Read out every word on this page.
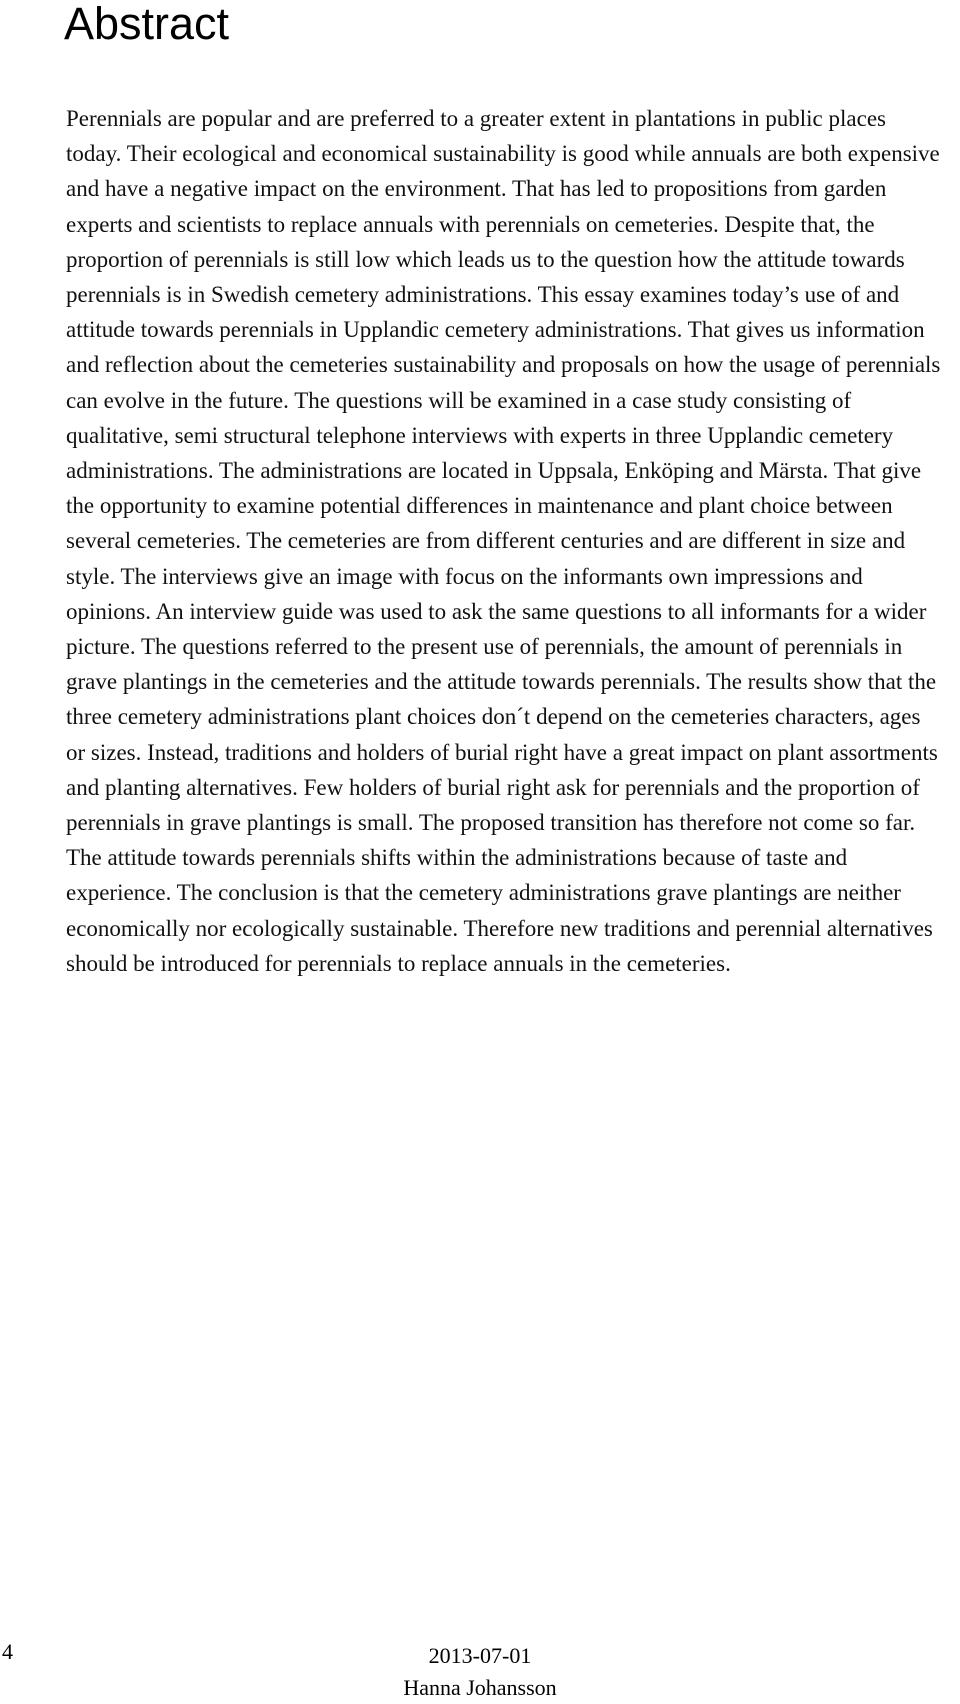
Abstract

Perennials are popular and are preferred to a greater extent in plantations in public places today. Their ecological and economical sustainability is good while annuals are both expensive and have a negative impact on the environment. That has led to propositions from garden experts and scientists to replace annuals with perennials on cemeteries. Despite that, the proportion of perennials is still low which leads us to the question how the attitude towards perennials is in Swedish cemetery administrations. This essay examines today’s use of and attitude towards perennials in Upplandic cemetery administrations. That gives us information and reflection about the cemeteries sustainability and proposals on how the usage of perennials can evolve in the future. The questions will be examined in a case study consisting of qualitative, semi structural telephone interviews with experts in three Upplandic cemetery administrations. The administrations are located in Uppsala, Enköping and Märsta. That give the opportunity to examine potential differences in maintenance and plant choice between several cemeteries. The cemeteries are from different centuries and are different in size and style. The interviews give an image with focus on the informants own impressions and opinions. An interview guide was used to ask the same questions to all informants for a wider picture. The questions referred to the present use of perennials, the amount of perennials in grave plantings in the cemeteries and the attitude towards perennials. The results show that the three cemetery administrations plant choices don´t depend on the cemeteries characters, ages or sizes. Instead, traditions and holders of burial right have a great impact on plant assortments and planting alternatives. Few holders of burial right ask for perennials and the proportion of perennials in grave plantings is small. The proposed transition has therefore not come so far. The attitude towards perennials shifts within the administrations because of taste and experience. The conclusion is that the cemetery administrations grave plantings are neither economically nor ecologically sustainable. Therefore new traditions and perennial alternatives should be introduced for perennials to replace annuals in the cemeteries.

4	2013-07-01
Hanna Johansson
